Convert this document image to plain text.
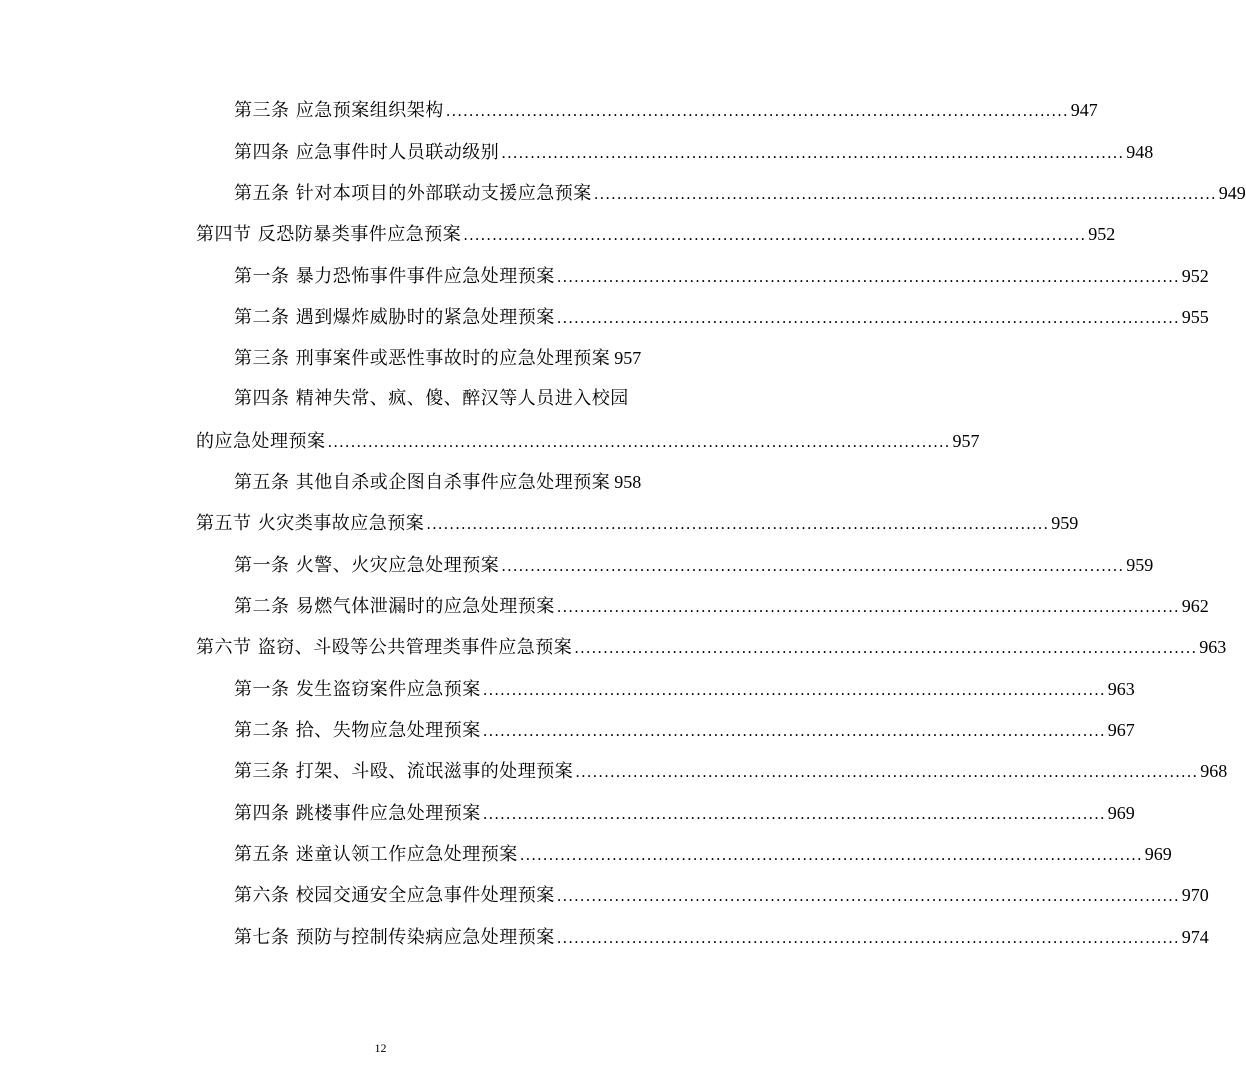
第三条 应急预案组织架构 ............................................................................................................ 947
第四条 应急事件时人员联动级别 ............................................................................................................ 948
第五条 针对本项目的外部联动支援应急预案 ............................................................................................................ 949
第四节 反恐防暴类事件应急预案 ............................................................................................................ 952
第一条 暴力恐怖事件事件应急处理预案 ............................................................................................................ 952
第二条 遇到爆炸威胁时的紧急处理预案 ............................................................................................................ 955
第三条 刑事案件或恶性事故时的应急处理预案 957
第四条 精神失常、疯、傻、醉汉等人员进入校园
的应急处理预案 ............................................................................................................ 957
第五条 其他自杀或企图自杀事件应急处理预案 958
第五节 火灾类事故应急预案 ............................................................................................................ 959
第一条 火警、火灾应急处理预案 ............................................................................................................ 959
第二条 易燃气体泄漏时的应急处理预案 ............................................................................................................ 962
第六节 盗窃、斗殴等公共管理类事件应急预案 ............................................................................................................ 963
第一条 发生盗窃案件应急预案 ............................................................................................................ 963
第二条 拾、失物应急处理预案 ............................................................................................................ 967
第三条 打架、斗殴、流氓滋事的处理预案 ............................................................................................................ 968
第四条 跳楼事件应急处理预案 ............................................................................................................ 969
第五条 迷童认领工作应急处理预案 ............................................................................................................ 969
第六条 校园交通安全应急事件处理预案 ............................................................................................................ 970
第七条 预防与控制传染病应急处理预案 ............................................................................................................ 974
12
